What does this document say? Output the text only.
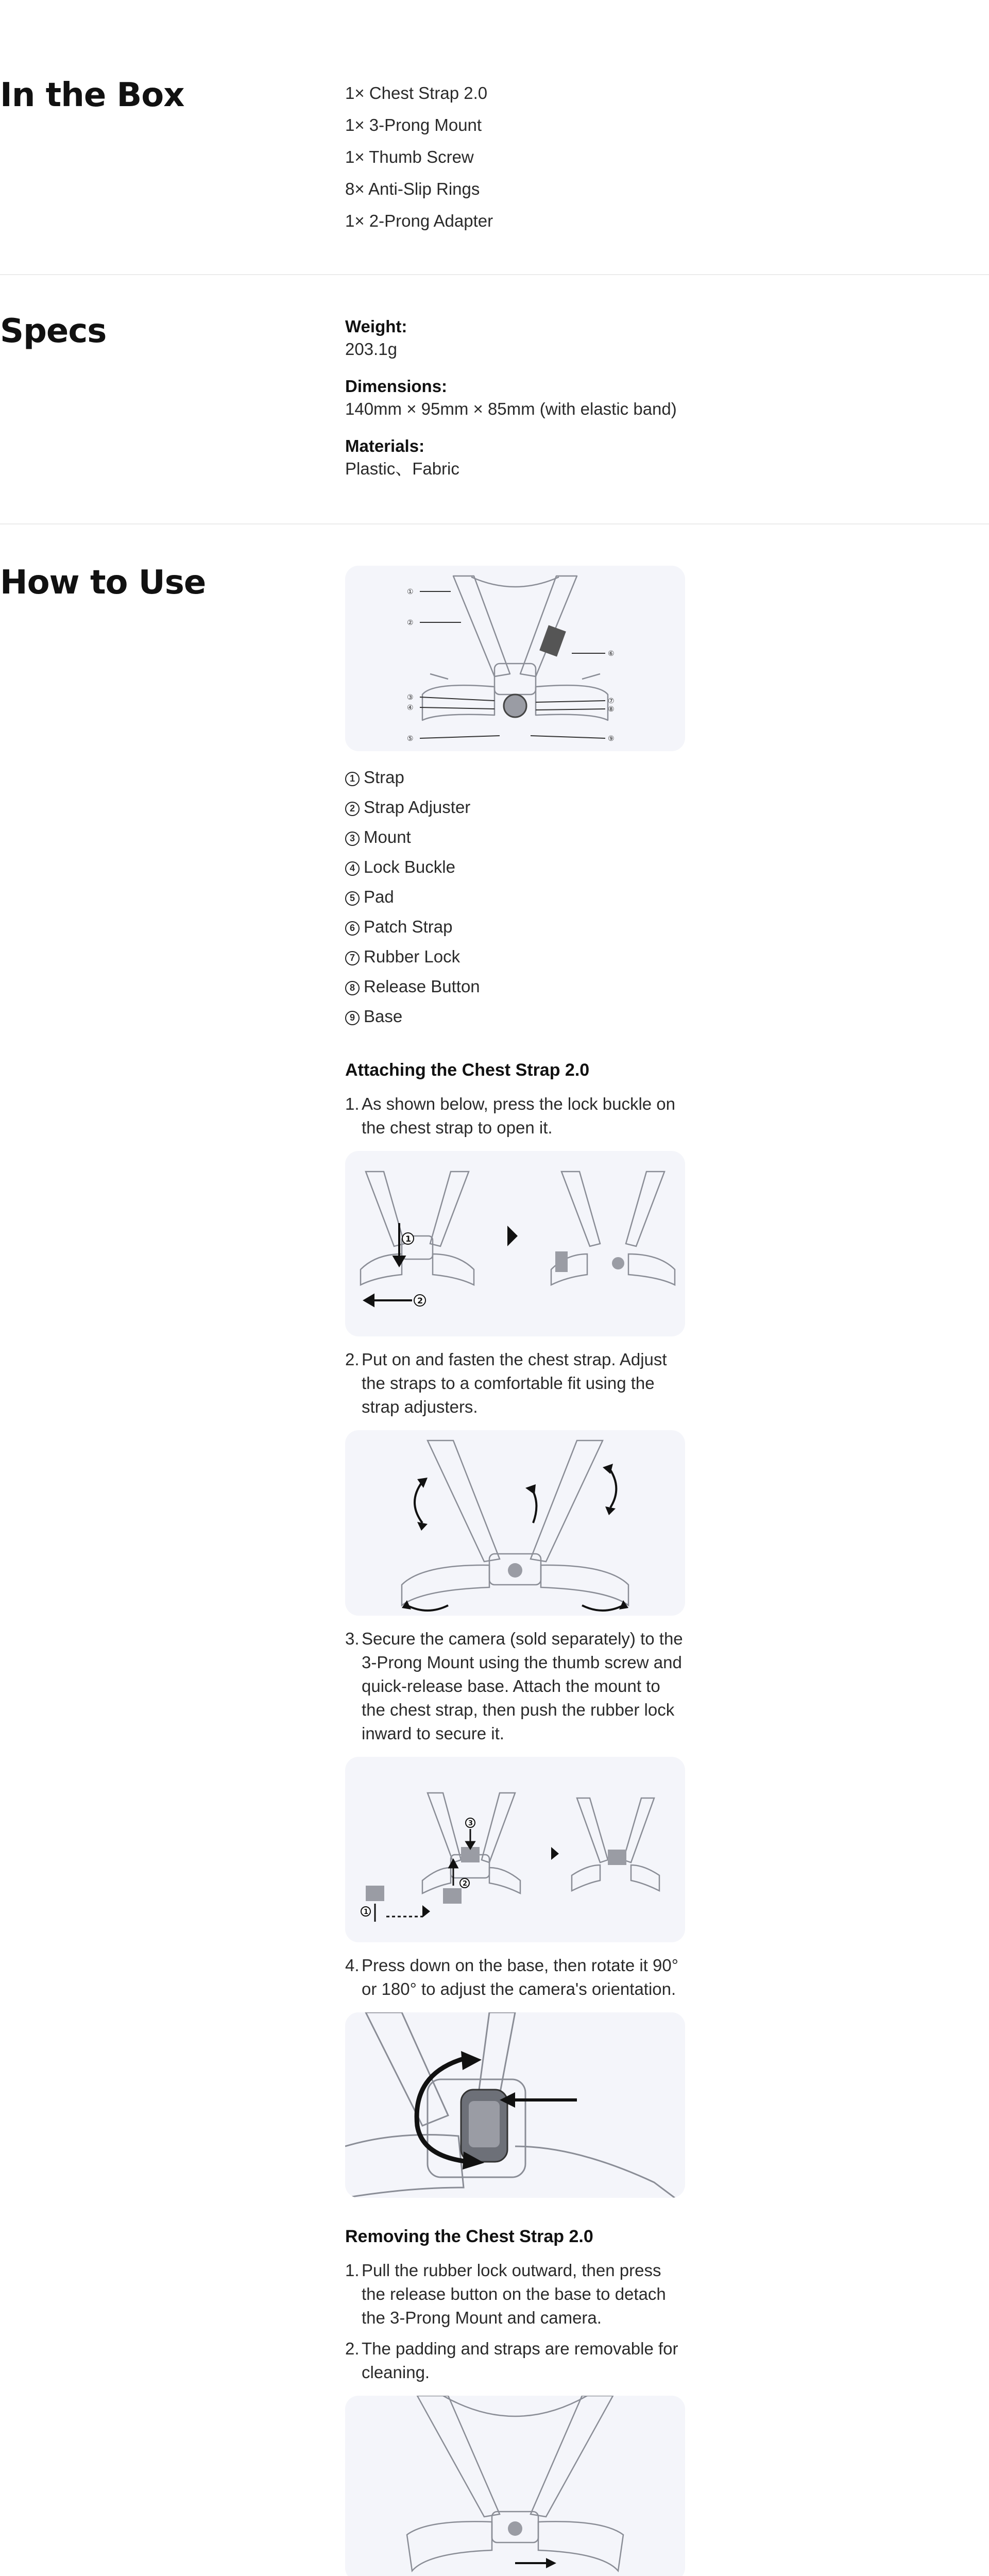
In the Box	1× Chest Strap 2.0
1× 3-Prong Mount
1× Thumb Screw
8× Anti-Slip Rings
1× 2-Prong Adapter
Specs	Weight:
203.1g
Dimensions:
140mm × 95mm × 85mm (with elastic band)
Materials:
Plastic、Fabric
How to Use	①
②
③
④
⑤
⑥
⑦
⑧
⑨
1 Strap
2 Strap Adjuster
3 Mount
4 Lock Buckle
5 Pad
6 Patch Strap
7 Rubber Lock
8 Release Button
9 Base
Attaching the Chest Strap 2.0
1. As shown below, press the lock buckle on the chest strap to open it.
1
2
2. Put on and fasten the chest strap. Adjust the straps to a comfortable fit using the strap adjusters.
3. Secure the camera (sold separately) to the 3-Prong Mount using the thumb screw and quick-release base. Attach the mount to the chest strap, then push the rubber lock inward to secure it.
1
2
3
4. Press down on the base, then rotate it 90° or 180° to adjust the camera's orientation.
Removing the Chest Strap 2.0
1. Pull the rubber lock outward, then press the release button on the base to detach the 3-Prong Mount and camera.
2. The padding and straps are removable for cleaning.
